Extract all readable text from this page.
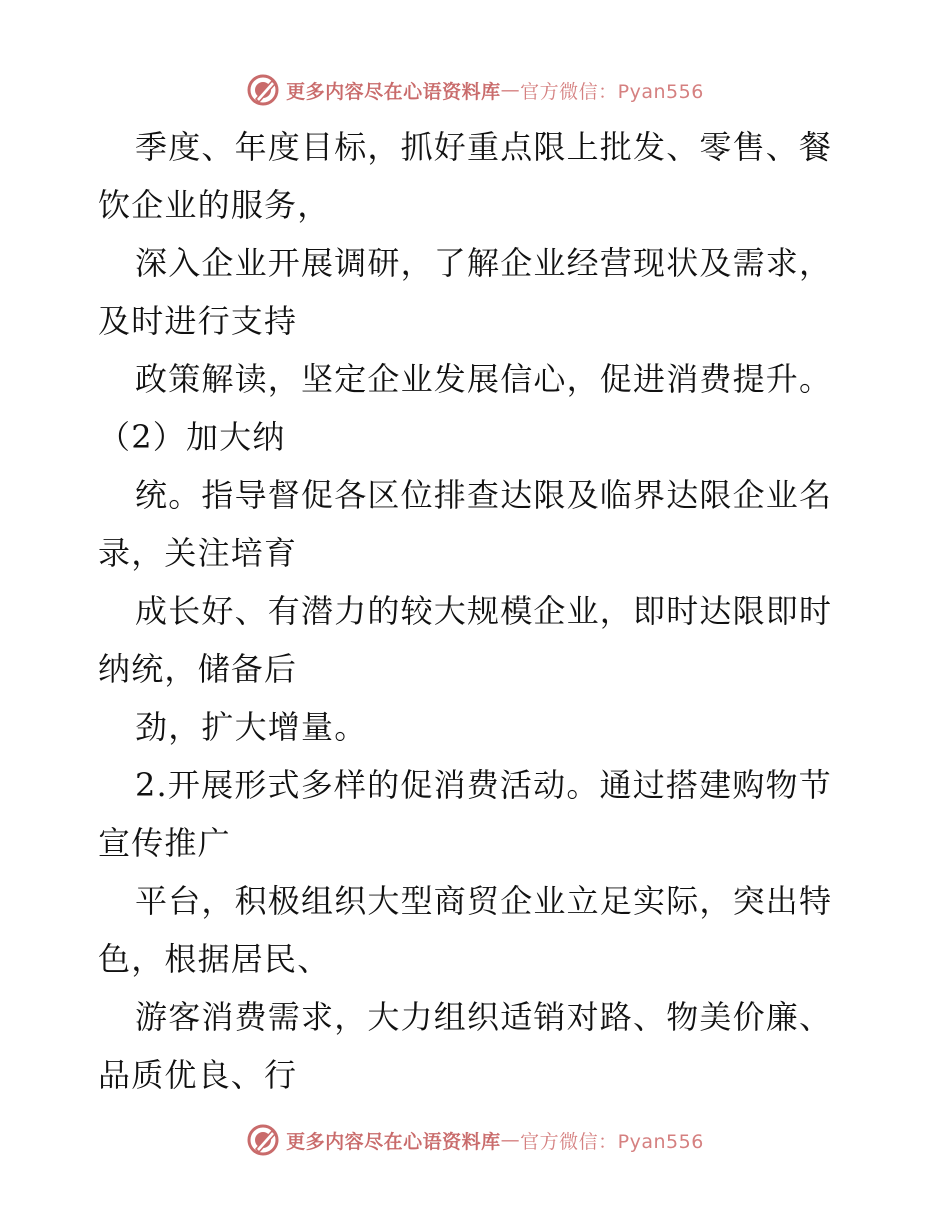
更多内容尽在心语资料库 — 官方微信：Pyan556
季度、年度目标，抓好重点限上批发、零售、餐
饮企业的服务，
深入企业开展调研，了解企业经营现状及需求，
及时进行支持
政策解读，坚定企业发展信心，促进消费提升。
（2）加大纳
统。指导督促各区位排查达限及临界达限企业名
录，关注培育
成长好、有潜力的较大规模企业，即时达限即时
纳统，储备后
劲，扩大增量。
2.开展形式多样的促消费活动。通过搭建购物节
宣传推广
平台，积极组织大型商贸企业立足实际，突出特
色，根据居民、
游客消费需求，大力组织适销对路、物美价廉、
品质优良、行
更多内容尽在心语资料库 — 官方微信：Pyan556
